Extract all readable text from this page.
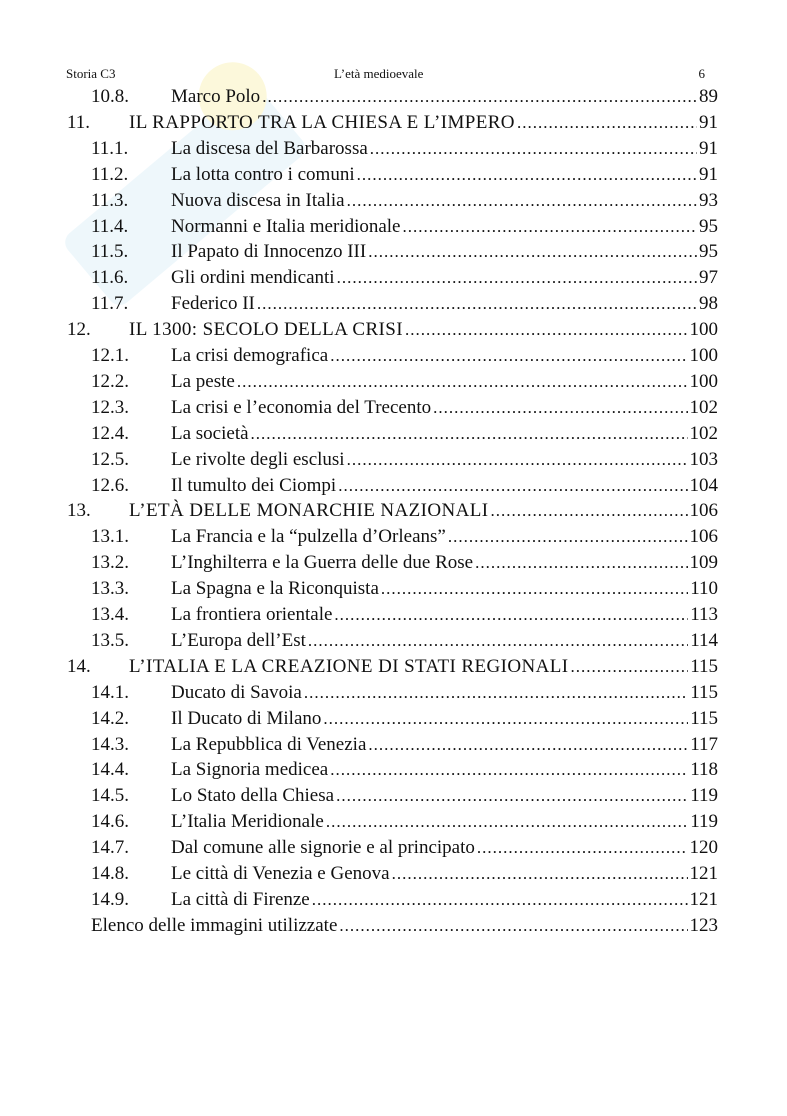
Storia C3	L’età medioevale	6
10.8. Marco Polo .....	89
11. IL RAPPORTO TRA LA CHIESA E L’IMPERO .....	91
11.1. La discesa del Barbarossa .....	91
11.2. La lotta contro i comuni .....	91
11.3. Nuova discesa in Italia .....	93
11.4. Normanni e Italia meridionale .....	95
11.5. Il Papato di Innocenzo III .....	95
11.6. Gli ordini mendicanti .....	97
11.7. Federico II .....	98
12. IL 1300: SECOLO DELLA CRISI .....	100
12.1. La crisi demografica .....	100
12.2. La peste .....	100
12.3. La crisi e l’economia del Trecento .....	102
12.4. La società .....	102
12.5. Le rivolte degli esclusi .....	103
12.6. Il tumulto dei Ciompi .....	104
13. L’ETÀ DELLE MONARCHIE NAZIONALI .....	106
13.1. La Francia e la “pulzella d’Orleans” .....	106
13.2. L’Inghilterra e la Guerra delle due Rose .....	109
13.3. La Spagna e la Riconquista .....	110
13.4. La frontiera orientale .....	113
13.5. L’Europa dell’Est .....	114
14. L’ITALIA E LA CREAZIONE DI STATI REGIONALI .....	115
14.1. Ducato di Savoia .....	115
14.2. Il Ducato di Milano .....	115
14.3. La Repubblica di Venezia .....	117
14.4. La Signoria medicea .....	118
14.5. Lo Stato della Chiesa .....	119
14.6. L’Italia Meridionale .....	119
14.7. Dal comune alle signorie e al principato .....	120
14.8. Le città di Venezia e Genova .....	121
14.9. La città di Firenze .....	121
Elenco delle immagini utilizzate .....	123
